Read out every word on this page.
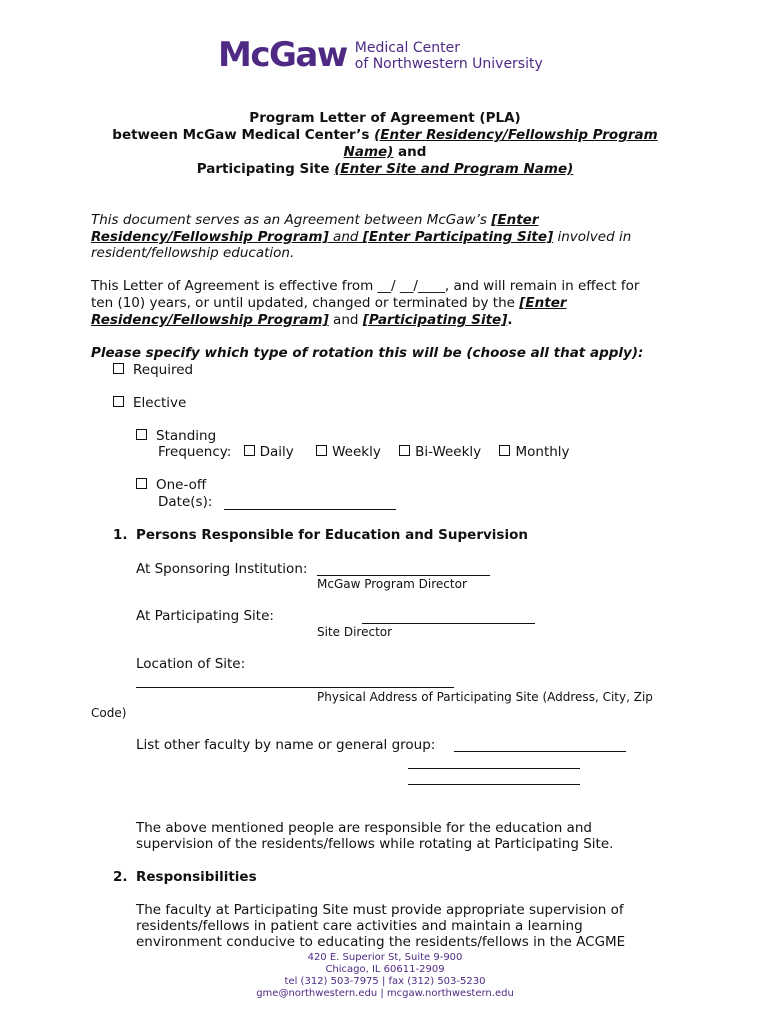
McGaw Medical Center
of Northwestern University
Program Letter of Agreement (PLA)
between McGaw Medical Center’s (Enter Residency/Fellowship Program
Name) and
Participating Site (Enter Site and Program Name)
This document serves as an Agreement between McGaw’s [Enter
Residency/Fellowship Program] and [Enter Participating Site] involved in
resident/fellowship education.
This Letter of Agreement is effective from __/ __/____, and will remain in effect for
ten (10) years, or until updated, changed or terminated by the [Enter
Residency/Fellowship Program] and [Participating Site].
Please specify which type of rotation this will be (choose all that apply):
Required
Elective
Standing
Frequency: Daily	Weekly	Bi-Weekly	Monthly
One-off
Date(s):
1. Persons Responsible for Education and Supervision
At Sponsoring Institution:
McGaw Program Director
At Participating Site:
Site Director
Location of Site:
Physical Address of Participating Site (Address, City, Zip
Code)
List other faculty by name or general group:
The above mentioned people are responsible for the education and
supervision of the residents/fellows while rotating at Participating Site.
2. Responsibilities
The faculty at Participating Site must provide appropriate supervision of
residents/fellows in patient care activities and maintain a learning
environment conducive to educating the residents/fellows in the ACGME
420 E. Superior St, Suite 9-900
Chicago, IL 60611-2909
tel (312) 503-7975 | fax (312) 503-5230
gme@northwestern.edu | mcgaw.northwestern.edu
